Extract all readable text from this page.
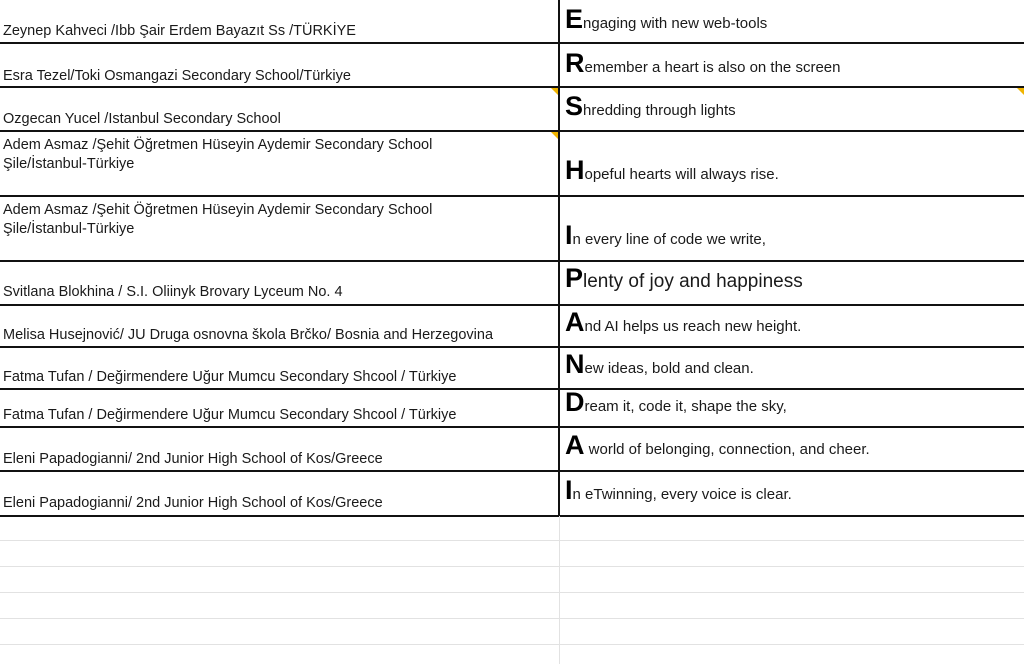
Zeynep Kahveci /Ibb Şair Erdem Bayazıt Ss /TÜRKİYE	Engaging with new web-tools
Esra Tezel/Toki Osmangazi Secondary School/Türkiye	Remember a heart is also on the screen
Ozgecan Yucel /Istanbul Secondary School	Shredding through lights
Adem Asmaz /Şehit Öğretmen Hüseyin Aydemir Secondary School
Şile/İstanbul-Türkiye	Hopeful hearts will always rise.
Adem Asmaz /Şehit Öğretmen Hüseyin Aydemir Secondary School
Şile/İstanbul-Türkiye	In every line of code we write,
Svitlana Blokhina / S.I. Oliinyk Brovary Lyceum No. 4	Plenty of joy and happiness
Melisa Husejnović/ JU Druga osnovna škola Brčko/ Bosnia and Herzegovina	And AI helps us reach new height.
Fatma Tufan / Değirmendere Uğur Mumcu Secondary Shcool / Türkiye	New ideas, bold and clean.
Fatma Tufan / Değirmendere Uğur Mumcu Secondary Shcool / Türkiye	Dream it, code it, shape the sky,
Eleni Papadogianni/ 2nd Junior High School of Kos/Greece	A world of belonging, connection, and cheer.
Eleni Papadogianni/ 2nd Junior High School of Kos/Greece	In eTwinning, every voice is clear.
